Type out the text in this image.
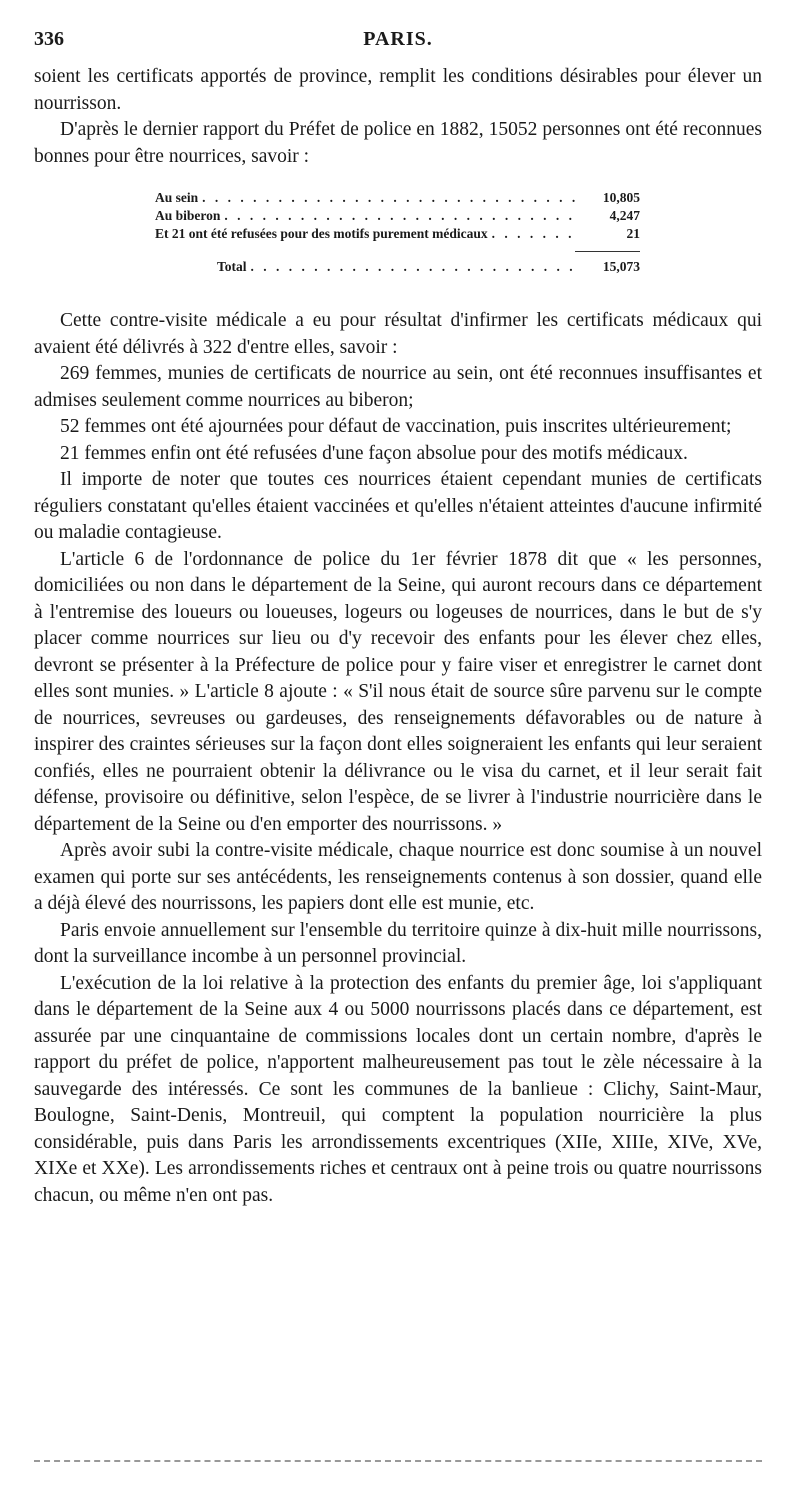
336	PARIS.

soient les certificats apportés de province, remplit les conditions désirables pour élever un nourrisson.

D'après le dernier rapport du Préfet de police en 1882, 15052 personnes ont été reconnues bonnes pour être nourrices, savoir :

Au sein . . .	10,805
Au biberon . . .	4,247
Et 21 ont été refusées pour des motifs purement médicaux . . .	21
Total . . .	15,073

Cette contre-visite médicale a eu pour résultat d'infirmer les certificats médicaux qui avaient été délivrés à 322 d'entre elles, savoir :

269 femmes, munies de certificats de nourrice au sein, ont été reconnues insuffisantes et admises seulement comme nourrices au biberon;

52 femmes ont été ajournées pour défaut de vaccination, puis inscrites ultérieurement;

21 femmes enfin ont été refusées d'une façon absolue pour des motifs médicaux.

Il importe de noter que toutes ces nourrices étaient cependant munies de certificats réguliers constatant qu'elles étaient vaccinées et qu'elles n'étaient atteintes d'aucune infirmité ou maladie contagieuse.

L'article 6 de l'ordonnance de police du 1er février 1878 dit que « les personnes, domiciliées ou non dans le département de la Seine, qui auront recours dans ce département à l'entremise des loueurs ou loueuses, logeurs ou logeuses de nourrices, dans le but de s'y placer comme nourrices sur lieu ou d'y recevoir des enfants pour les élever chez elles, devront se présenter à la Préfecture de police pour y faire viser et enregistrer le carnet dont elles sont munies. » L'article 8 ajoute : « S'il nous était de source sûre parvenu sur le compte de nourrices, sevreuses ou gardeuses, des renseignements défavorables ou de nature à inspirer des craintes sérieuses sur la façon dont elles soigneraient les enfants qui leur seraient confiés, elles ne pourraient obtenir la délivrance ou le visa du carnet, et il leur serait fait défense, provisoire ou définitive, selon l'espèce, de se livrer à l'industrie nourricière dans le département de la Seine ou d'en emporter des nourrissons. »

Après avoir subi la contre-visite médicale, chaque nourrice est donc soumise à un nouvel examen qui porte sur ses antécédents, les renseignements contenus à son dossier, quand elle a déjà élevé des nourrissons, les papiers dont elle est munie, etc.

Paris envoie annuellement sur l'ensemble du territoire quinze à dix-huit mille nourrissons, dont la surveillance incombe à un personnel provincial.

L'exécution de la loi relative à la protection des enfants du premier âge, loi s'appliquant dans le département de la Seine aux 4 ou 5000 nourrissons placés dans ce département, est assurée par une cinquantaine de commissions locales dont un certain nombre, d'après le rapport du préfet de police, n'apportent malheureusement pas tout le zèle nécessaire à la sauvegarde des intéressés. Ce sont les communes de la banlieue : Clichy, Saint-Maur, Boulogne, Saint-Denis, Montreuil, qui comptent la population nourricière la plus considérable, puis dans Paris les arrondissements excentriques (XIIe, XIIIe, XIVe, XVe, XIXe et XXe). Les arrondissements riches et centraux ont à peine trois ou quatre nourrissons chacun, ou même n'en ont pas.
